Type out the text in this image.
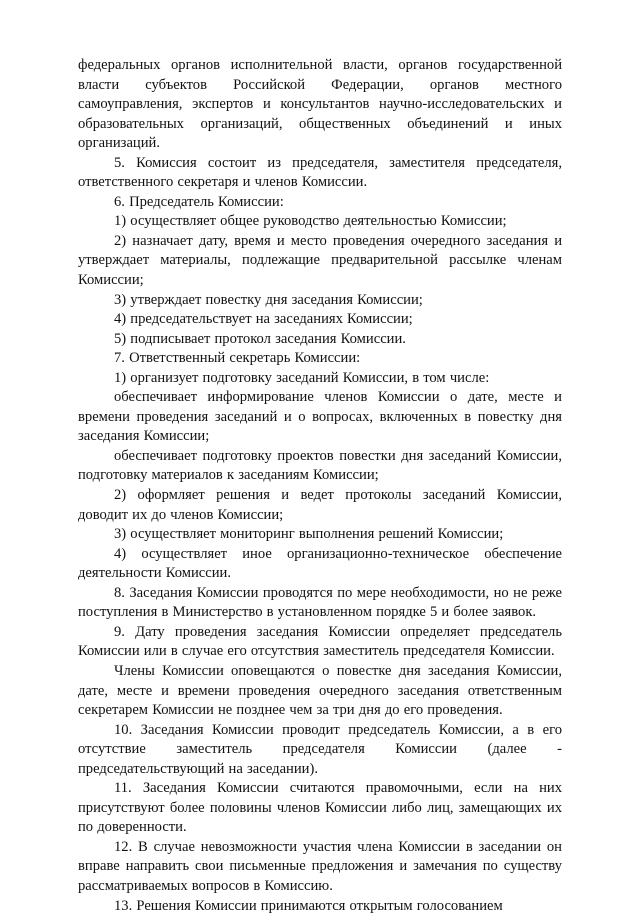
федеральных органов исполнительной власти, органов государственной власти субъектов Российской Федерации, органов местного самоуправления, экспертов и консультантов научно-исследовательских и образовательных организаций, общественных объединений и иных организаций.

5. Комиссия состоит из председателя, заместителя председателя, ответственного секретаря и членов Комиссии.

6. Председатель Комиссии:

1) осуществляет общее руководство деятельностью Комиссии;

2) назначает дату, время и место проведения очередного заседания и утверждает материалы, подлежащие предварительной рассылке членам Комиссии;

3) утверждает повестку дня заседания Комиссии;

4) председательствует на заседаниях Комиссии;

5) подписывает протокол заседания Комиссии.

7. Ответственный секретарь Комиссии:

1) организует подготовку заседаний Комиссии, в том числе:

обеспечивает информирование членов Комиссии о дате, месте и времени проведения заседаний и о вопросах, включенных в повестку дня заседания Комиссии;

обеспечивает подготовку проектов повестки дня заседаний Комиссии, подготовку материалов к заседаниям Комиссии;

2) оформляет решения и ведет протоколы заседаний Комиссии, доводит их до членов Комиссии;

3) осуществляет мониторинг выполнения решений Комиссии;

4) осуществляет иное организационно-техническое обеспечение деятельности Комиссии.

8. Заседания Комиссии проводятся по мере необходимости, но не реже поступления в Министерство в установленном порядке 5 и более заявок.

9. Дату проведения заседания Комиссии определяет председатель Комиссии или в случае его отсутствия заместитель председателя Комиссии.

Члены Комиссии оповещаются о повестке дня заседания Комиссии, дате, месте и времени проведения очередного заседания ответственным секретарем Комиссии не позднее чем за три дня до его проведения.

10. Заседания Комиссии проводит председатель Комиссии, а в его отсутствие заместитель председателя Комиссии (далее - председательствующий на заседании).

11. Заседания Комиссии считаются правомочными, если на них присутствуют более половины членов Комиссии либо лиц, замещающих их по доверенности.

12. В случае невозможности участия члена Комиссии в заседании он вправе направить свои письменные предложения и замечания по существу рассматриваемых вопросов в Комиссию.

13. Решения Комиссии принимаются открытым голосованием
